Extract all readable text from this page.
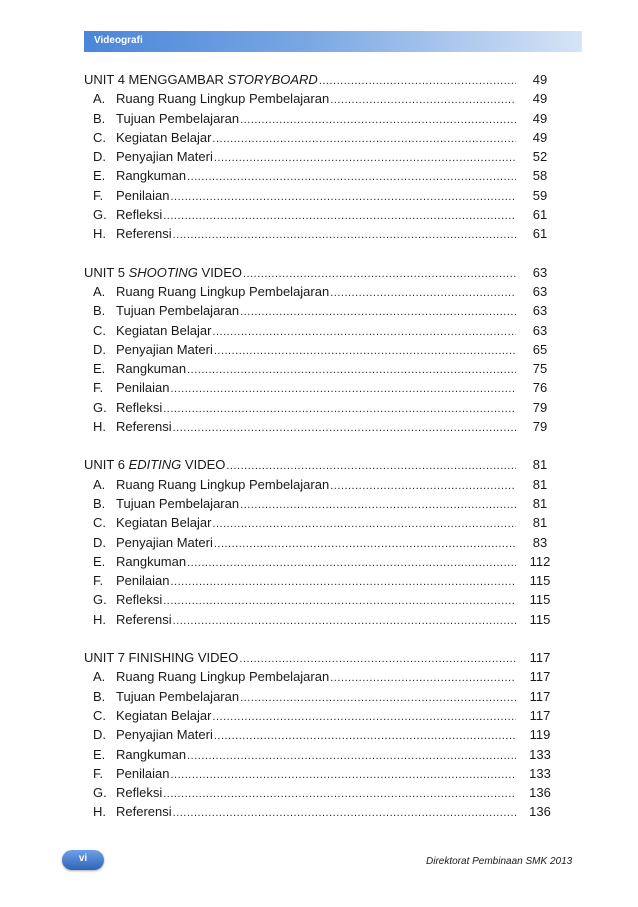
Videografi
UNIT 4 MENGGAMBAR STORYBOARD .....	49
A. Ruang Ruang Lingkup Pembelajaran .....	49
B. Tujuan Pembelajaran .....	49
C. Kegiatan Belajar .....	49
D. Penyajian Materi .....	52
E. Rangkuman .....	58
F. Penilaian .....	59
G. Refleksi .....	61
H. Referensi .....	61
UNIT 5 SHOOTING VIDEO .....	63
A. Ruang Ruang Lingkup Pembelajaran .....	63
B. Tujuan Pembelajaran .....	63
C. Kegiatan Belajar .....	63
D. Penyajian Materi .....	65
E. Rangkuman .....	75
F. Penilaian .....	76
G. Refleksi .....	79
H. Referensi .....	79
UNIT 6 EDITING VIDEO .....	81
A. Ruang Ruang Lingkup Pembelajaran .....	81
B. Tujuan Pembelajaran .....	81
C. Kegiatan Belajar .....	81
D. Penyajian Materi .....	83
E. Rangkuman .....	112
F. Penilaian .....	115
G. Refleksi .....	115
H. Referensi .....	115
UNIT 7 FINISHING VIDEO .....	117
A. Ruang Ruang Lingkup Pembelajaran .....	117
B. Tujuan Pembelajaran .....	117
C. Kegiatan Belajar .....	117
D. Penyajian Materi .....	119
E. Rangkuman .....	133
F. Penilaian .....	133
G. Refleksi .....	136
H. Referensi .....	136
vi	Direktorat Pembinaan SMK 2013
